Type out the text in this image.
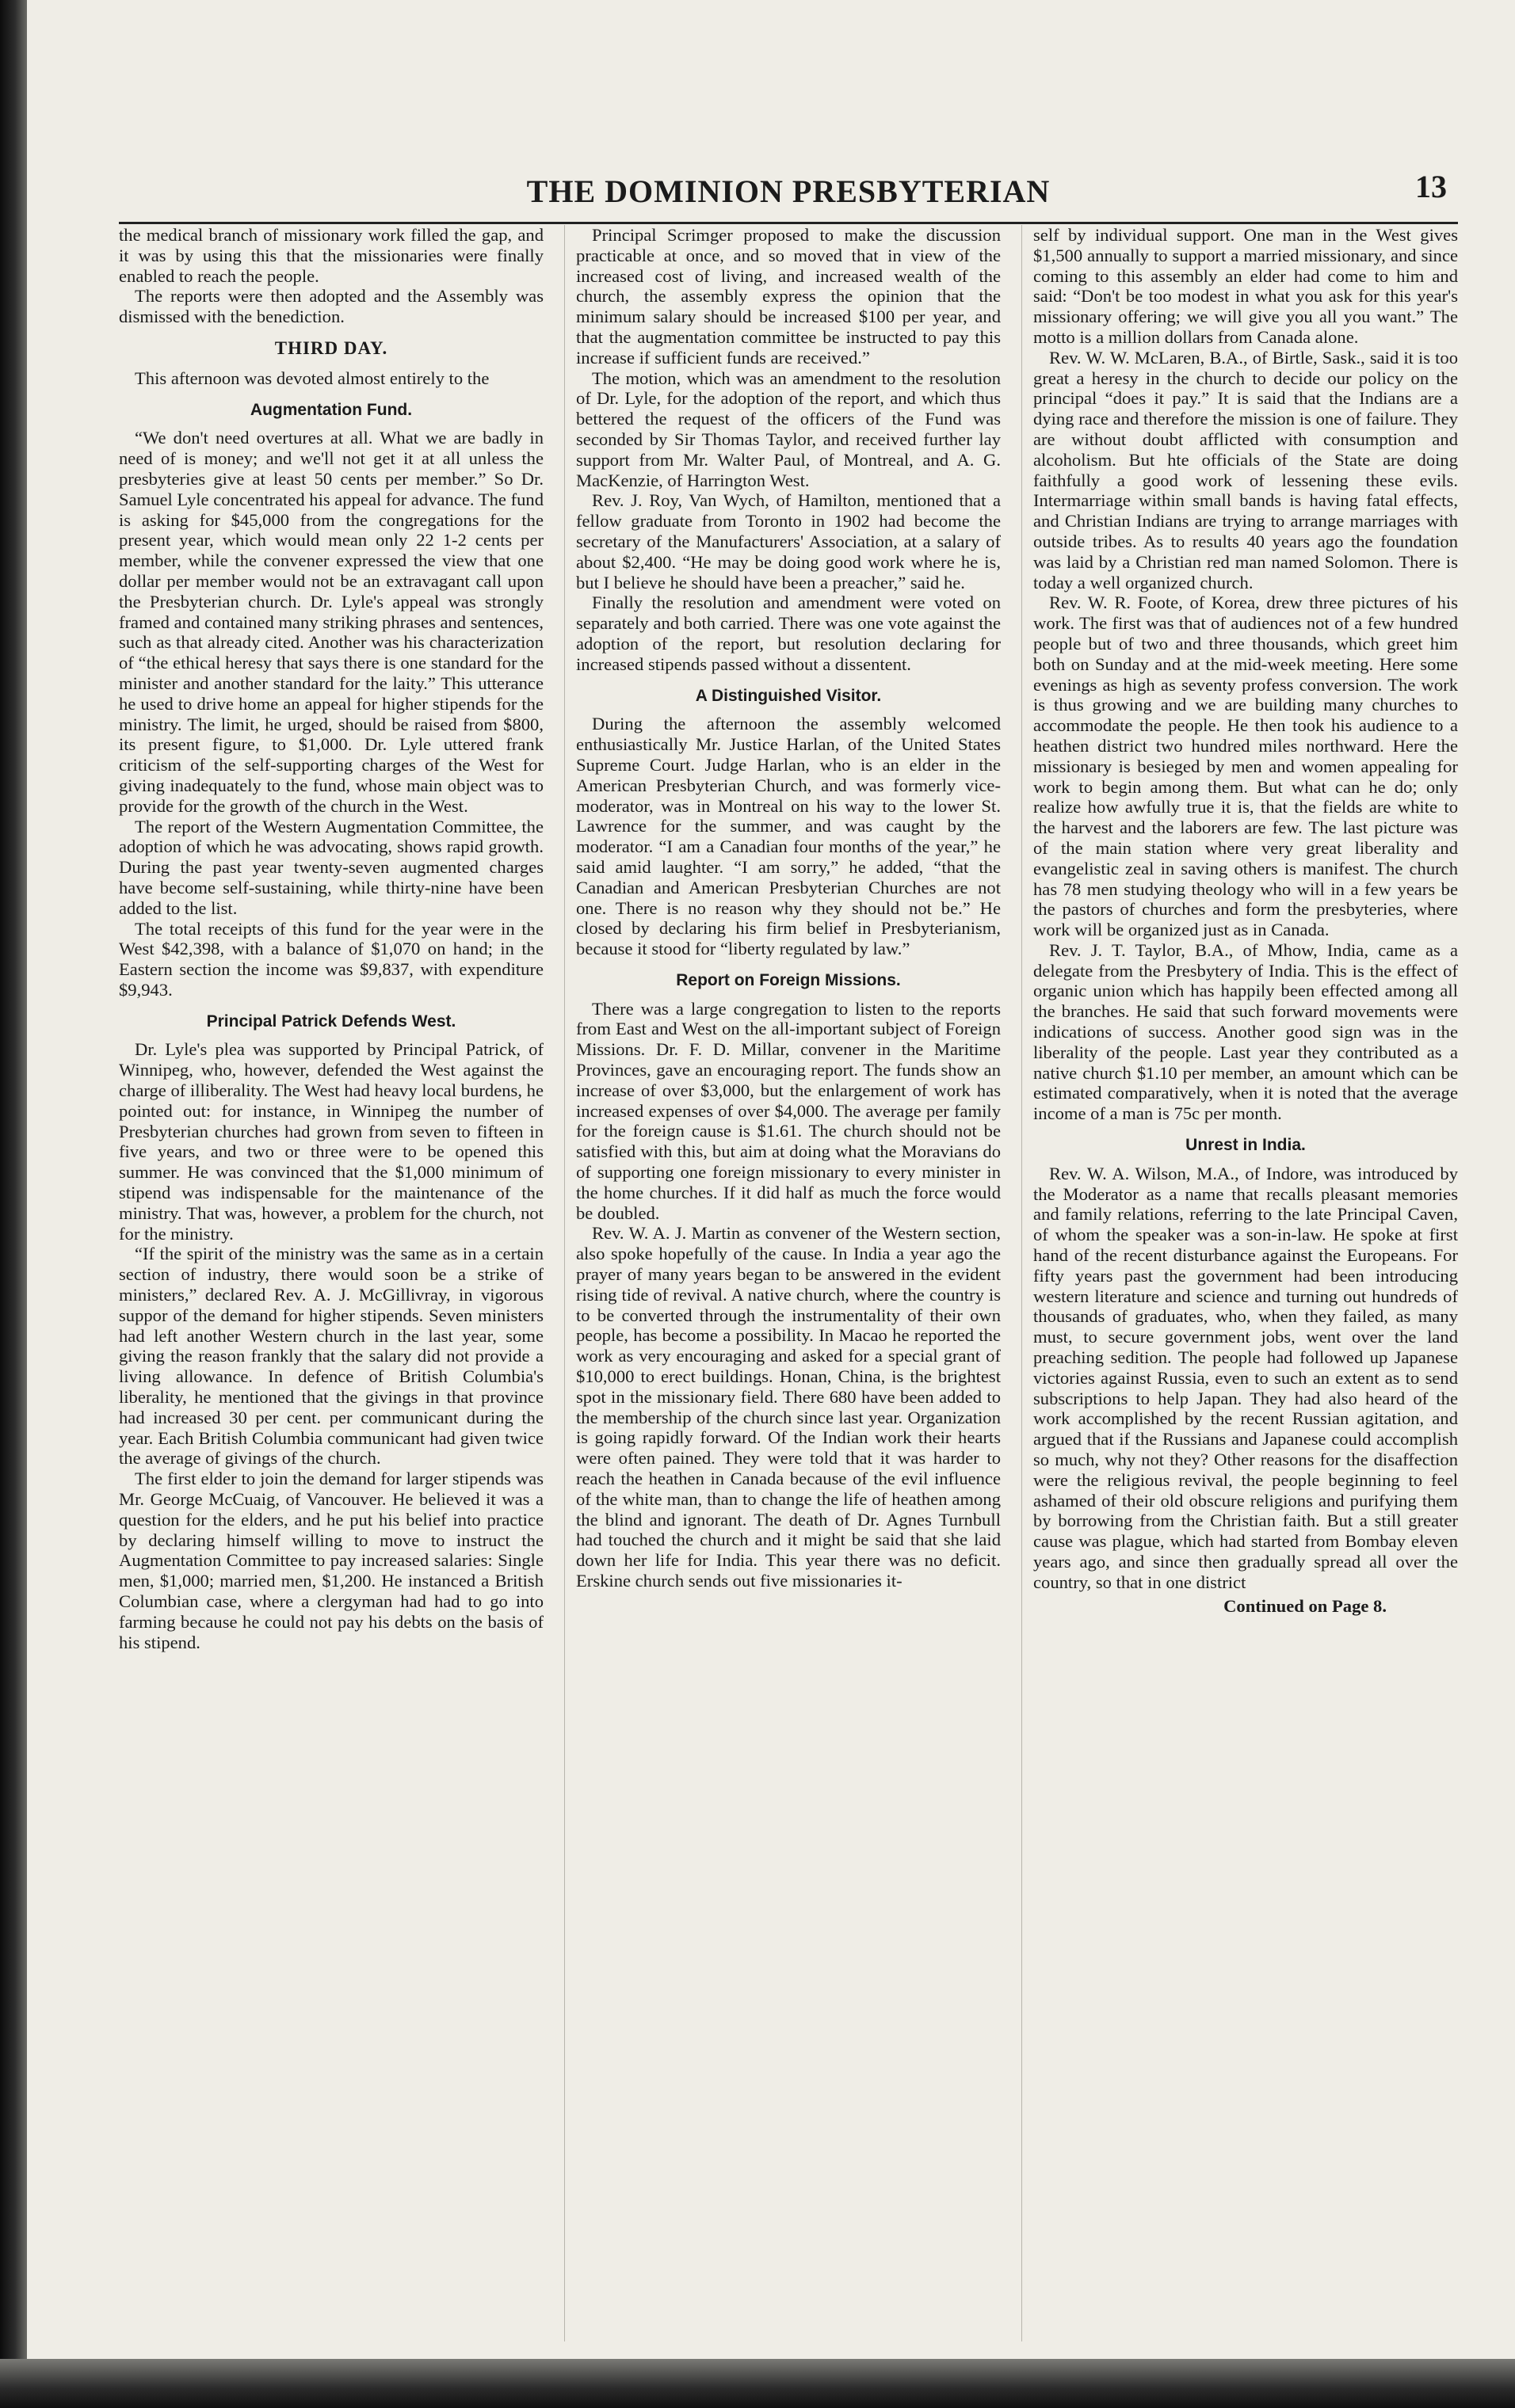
THE DOMINION PRESBYTERIAN	13

the medical branch of missionary work filled the gap, and it was by using this that the missionaries were finally enabled to reach the people.

The reports were then adopted and the Assembly was dismissed with the benediction.

THIRD DAY.

This afternoon was devoted almost entirely to the

Augmentation Fund.

“We don't need overtures at all. What we are badly in need of is money; and we'll not get it at all unless the presbyteries give at least 50 cents per member.” So Dr. Samuel Lyle concentrated his appeal for advance. The fund is asking for $45,000 from the congregations for the present year, which would mean only 22 1-2 cents per member, while the convener expressed the view that one dollar per member would not be an extravagant call upon the Presbyterian church. Dr. Lyle's appeal was strongly framed and contained many striking phrases and sentences, such as that already cited. Another was his characterization of “the ethical heresy that says there is one standard for the minister and another standard for the laity.” This utterance he used to drive home an appeal for higher stipends for the ministry. The limit, he urged, should be raised from $800, its present figure, to $1,000. Dr. Lyle uttered frank criticism of the self-supporting charges of the West for giving inadequately to the fund, whose main object was to provide for the growth of the church in the West.

The report of the Western Augmentation Committee, the adoption of which he was advocating, shows rapid growth. During the past year twenty-seven augmented charges have become self-sustaining, while thirty-nine have been added to the list.

The total receipts of this fund for the year were in the West $42,398, with a balance of $1,070 on hand; in the Eastern section the income was $9,837, with expenditure $9,943.

Principal Patrick Defends West.

Dr. Lyle's plea was supported by Principal Patrick, of Winnipeg, who, however, defended the West against the charge of illiberality. The West had heavy local burdens, he pointed out: for instance, in Winnipeg the number of Presbyterian churches had grown from seven to fifteen in five years, and two or three were to be opened this summer. He was convinced that the $1,000 minimum of stipend was indispensable for the maintenance of the ministry. That was, however, a problem for the church, not for the ministry.

“If the spirit of the ministry was the same as in a certain section of industry, there would soon be a strike of ministers,” declared Rev. A. J. McGillivray, in vigorous suppor of the demand for higher stipends. Seven ministers had left another Western church in the last year, some giving the reason frankly that the salary did not provide a living allowance. In defence of British Columbia's liberality, he mentioned that the givings in that province had increased 30 per cent. per communicant during the year. Each British Columbia communicant had given twice the average of givings of the church.

The first elder to join the demand for larger stipends was Mr. George McCuaig, of Vancouver. He believed it was a question for the elders, and he put his belief into practice by declaring himself willing to move to instruct the Augmentation Committee to pay increased salaries: Single men, $1,000; married men, $1,200. He instanced a British Columbian case, where a clergyman had had to go into farming because he could not pay his debts on the basis of his stipend.

Principal Scrimger proposed to make the discussion practicable at once, and so moved that in view of the increased cost of living, and increased wealth of the church, the assembly express the opinion that the minimum salary should be increased $100 per year, and that the augmentation committee be instructed to pay this increase if sufficient funds are received.”

The motion, which was an amendment to the resolution of Dr. Lyle, for the adoption of the report, and which thus bettered the request of the officers of the Fund was seconded by Sir Thomas Taylor, and received further lay support from Mr. Walter Paul, of Montreal, and A. G. MacKenzie, of Harrington West.

Rev. J. Roy, Van Wych, of Hamilton, mentioned that a fellow graduate from Toronto in 1902 had become the secretary of the Manufacturers' Association, at a salary of about $2,400. “He may be doing good work where he is, but I believe he should have been a preacher,” said he.

Finally the resolution and amendment were voted on separately and both carried. There was one vote against the adoption of the report, but resolution declaring for increased stipends passed without a dissentent.

A Distinguished Visitor.

During the afternoon the assembly welcomed enthusiastically Mr. Justice Harlan, of the United States Supreme Court. Judge Harlan, who is an elder in the American Presbyterian Church, and was formerly vice-moderator, was in Montreal on his way to the lower St. Lawrence for the summer, and was caught by the moderator. “I am a Canadian four months of the year,” he said amid laughter. “I am sorry,” he added, “that the Canadian and American Presbyterian Churches are not one. There is no reason why they should not be.” He closed by declaring his firm belief in Presbyterianism, because it stood for “liberty regulated by law.”

Report on Foreign Missions.

There was a large congregation to listen to the reports from East and West on the all-important subject of Foreign Missions. Dr. F. D. Millar, convener in the Maritime Provinces, gave an encouraging report. The funds show an increase of over $3,000, but the enlargement of work has increased expenses of over $4,000. The average per family for the foreign cause is $1.61. The church should not be satisfied with this, but aim at doing what the Moravians do of supporting one foreign missionary to every minister in the home churches. If it did half as much the force would be doubled.

Rev. W. A. J. Martin as convener of the Western section, also spoke hopefully of the cause. In India a year ago the prayer of many years began to be answered in the evident rising tide of revival. A native church, where the country is to be converted through the instrumentality of their own people, has become a possibility. In Macao he reported the work as very encouraging and asked for a special grant of $10,000 to erect buildings. Honan, China, is the brightest spot in the missionary field. There 680 have been added to the membership of the church since last year. Organization is going rapidly forward. Of the Indian work their hearts were often pained. They were told that it was harder to reach the heathen in Canada because of the evil influence of the white man, than to change the life of heathen among the blind and ignorant. The death of Dr. Agnes Turnbull had touched the church and it might be said that she laid down her life for India. This year there was no deficit. Erskine church sends out five missionaries it-

self by individual support. One man in the West gives $1,500 annually to support a married missionary, and since coming to this assembly an elder had come to him and said: “Don't be too modest in what you ask for this year's missionary offering; we will give you all you want.” The motto is a million dollars from Canada alone.

Rev. W. W. McLaren, B.A., of Birtle, Sask., said it is too great a heresy in the church to decide our policy on the principal “does it pay.” It is said that the Indians are a dying race and therefore the mission is one of failure. They are without doubt afflicted with consumption and alcoholism. But hte officials of the State are doing faithfully a good work of lessening these evils. Intermarriage within small bands is having fatal effects, and Christian Indians are trying to arrange marriages with outside tribes. As to results 40 years ago the foundation was laid by a Christian red man named Solomon. There is today a well organized church.

Rev. W. R. Foote, of Korea, drew three pictures of his work. The first was that of audiences not of a few hundred people but of two and three thousands, which greet him both on Sunday and at the mid-week meeting. Here some evenings as high as seventy profess conversion. The work is thus growing and we are building many churches to accommodate the people. He then took his audience to a heathen district two hundred miles northward. Here the missionary is besieged by men and women appealing for work to begin among them. But what can he do; only realize how awfully true it is, that the fields are white to the harvest and the laborers are few. The last picture was of the main station where very great liberality and evangelistic zeal in saving others is manifest. The church has 78 men studying theology who will in a few years be the pastors of churches and form the presbyteries, where work will be organized just as in Canada.

Rev. J. T. Taylor, B.A., of Mhow, India, came as a delegate from the Presbytery of India. This is the effect of organic union which has happily been effected among all the branches. He said that such forward movements were indications of success. Another good sign was in the liberality of the people. Last year they contributed as a native church $1.10 per member, an amount which can be estimated comparatively, when it is noted that the average income of a man is 75c per month.

Unrest in India.

Rev. W. A. Wilson, M.A., of Indore, was introduced by the Moderator as a name that recalls pleasant memories and family relations, referring to the late Principal Caven, of whom the speaker was a son-in-law. He spoke at first hand of the recent disturbance against the Europeans. For fifty years past the government had been introducing western literature and science and turning out hundreds of thousands of graduates, who, when they failed, as many must, to secure government jobs, went over the land preaching sedition. The people had followed up Japanese victories against Russia, even to such an extent as to send subscriptions to help Japan. They had also heard of the work accomplished by the recent Russian agitation, and argued that if the Russians and Japanese could accomplish so much, why not they? Other reasons for the disaffection were the religious revival, the people beginning to feel ashamed of their old obscure religions and purifying them by borrowing from the Christian faith. But a still greater cause was plague, which had started from Bombay eleven years ago, and since then gradually spread all over the country, so that in one district

Continued on Page 8.
